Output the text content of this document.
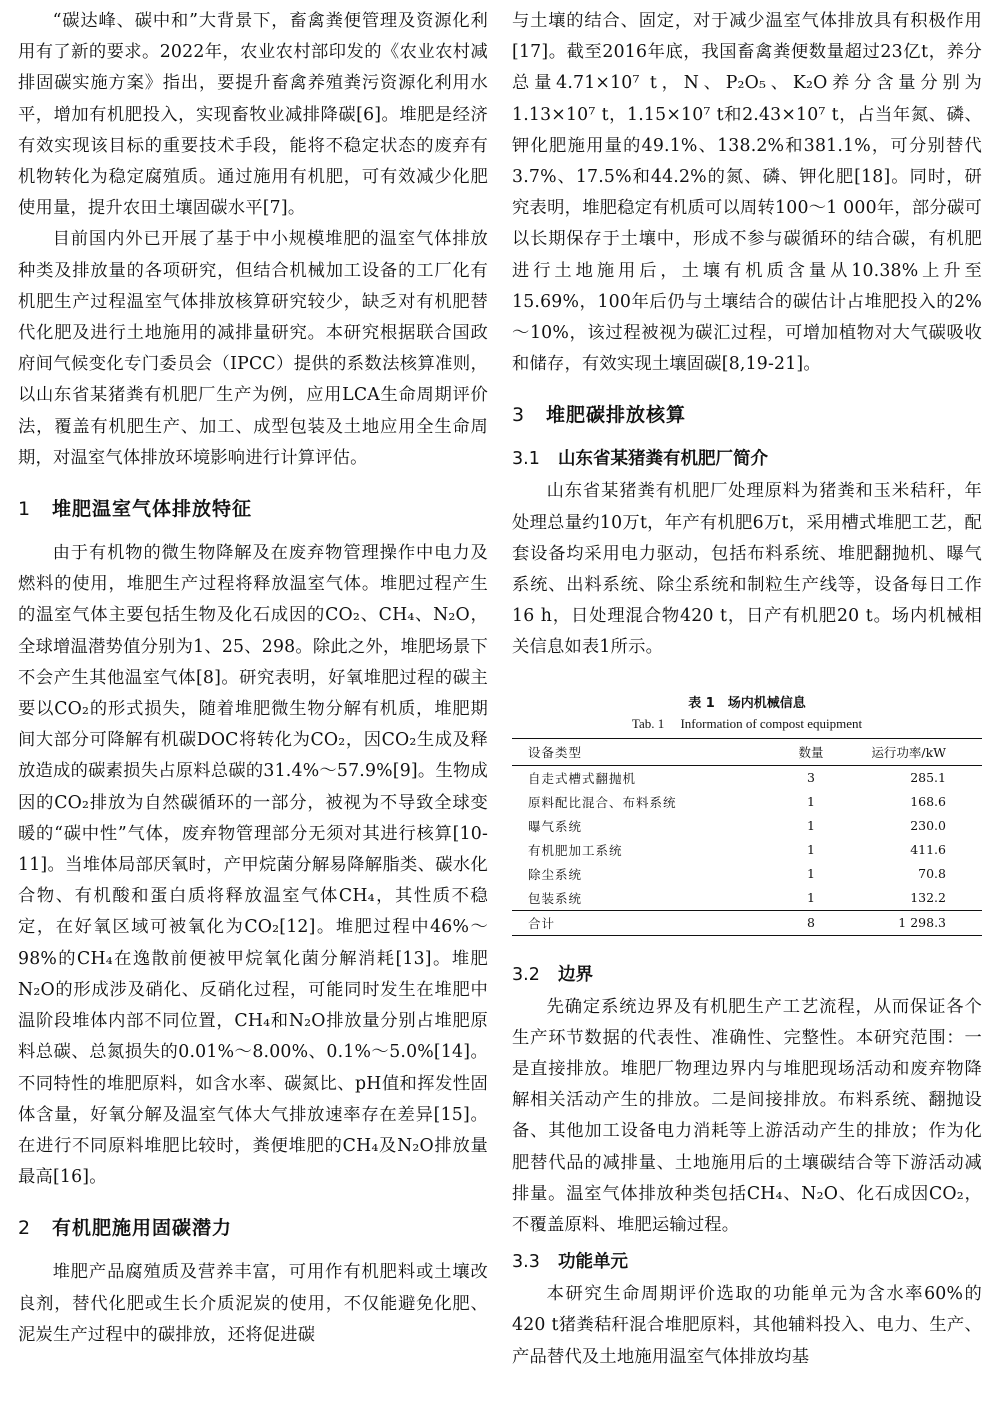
“碳达峰、碳中和”大背景下，畜禽粪便管理及资源化利用有了新的要求。2022年，农业农村部印发的《农业农村减排固碳实施方案》指出，要提升畜禽养殖粪污资源化利用水平，增加有机肥投入，实现畜牧业减排降碳[6]。堆肥是经济有效实现该目标的重要技术手段，能将不稳定状态的废弃有机物转化为稳定腐殖质。通过施用有机肥，可有效减少化肥使用量，提升农田土壤固碳水平[7]。

目前国内外已开展了基于中小规模堆肥的温室气体排放种类及排放量的各项研究，但结合机械加工设备的工厂化有机肥生产过程温室气体排放核算研究较少，缺乏对有机肥替代化肥及进行土地施用的减排量研究。本研究根据联合国政府间气候变化专门委员会（IPCC）提供的系数法核算准则，以山东省某猪粪有机肥厂生产为例，应用LCA生命周期评价法，覆盖有机肥生产、加工、成型包装及土地应用全生命周期，对温室气体排放环境影响进行计算评估。

1 堆肥温室气体排放特征

由于有机物的微生物降解及在废弃物管理操作中电力及燃料的使用，堆肥生产过程将释放温室气体。堆肥过程产生的温室气体主要包括生物及化石成因的CO₂、CH₄、N₂O，全球增温潜势值分别为1、25、298。除此之外，堆肥场景下不会产生其他温室气体[8]。研究表明，好氧堆肥过程的碳主要以CO₂的形式损失，随着堆肥微生物分解有机质，堆肥期间大部分可降解有机碳DOC将转化为CO₂，因CO₂生成及释放造成的碳素损失占原料总碳的31.4%～57.9%[9]。生物成因的CO₂排放为自然碳循环的一部分，被视为不导致全球变暖的“碳中性”气体，废弃物管理部分无须对其进行核算[10-11]。当堆体局部厌氧时，产甲烷菌分解易降解脂类、碳水化合物、有机酸和蛋白质将释放温室气体CH₄，其性质不稳定，在好氧区域可被氧化为CO₂[12]。堆肥过程中46%～98%的CH₄在逸散前便被甲烷氧化菌分解消耗[13]。堆肥N₂O的形成涉及硝化、反硝化过程，可能同时发生在堆肥中温阶段堆体内部不同位置，CH₄和N₂O排放量分别占堆肥原料总碳、总氮损失的0.01%～8.00%、0.1%～5.0%[14]。不同特性的堆肥原料，如含水率、碳氮比、pH值和挥发性固体含量，好氧分解及温室气体大气排放速率存在差异[15]。在进行不同原料堆肥比较时，粪便堆肥的CH₄及N₂O排放量最高[16]。

2 有机肥施用固碳潜力

堆肥产品腐殖质及营养丰富，可用作有机肥料或土壤改良剂，替代化肥或生长介质泥炭的使用，不仅能避免化肥、泥炭生产过程中的碳排放，还将促进碳

与土壤的结合、固定，对于减少温室气体排放具有积极作用[17]。截至2016年底，我国畜禽粪便数量超过23亿t，养分总量4.71×10⁷ t，N、P₂O₅、K₂O养分含量分别为1.13×10⁷ t，1.15×10⁷ t和2.43×10⁷ t，占当年氮、磷、钾化肥施用量的49.1%、138.2%和381.1%，可分别替代3.7%、17.5%和44.2%的氮、磷、钾化肥[18]。同时，研究表明，堆肥稳定有机质可以周转100～1 000年，部分碳可以长期保存于土壤中，形成不参与碳循环的结合碳，有机肥进行土地施用后，土壤有机质含量从10.38%上升至15.69%，100年后仍与土壤结合的碳估计占堆肥投入的2%～10%，该过程被视为碳汇过程，可增加植物对大气碳吸收和储存，有效实现土壤固碳[8,19-21]。

3 堆肥碳排放核算
3.1 山东省某猪粪有机肥厂简介

山东省某猪粪有机肥厂处理原料为猪粪和玉米秸秆，年处理总量约10万t，年产有机肥6万t，采用槽式堆肥工艺，配套设备均采用电力驱动，包括布料系统、堆肥翻抛机、曝气系统、出料系统、除尘系统和制粒生产线等，设备每日工作16 h，日处理混合物420 t，日产有机肥20 t。场内机械相关信息如表1所示。

表 1　场内机械信息
Tab. 1　 Information of compost equipment
设备类型	数量	运行功率/kW
自走式槽式翻抛机	3	285.1
原料配比混合、布料系统	1	168.6
曝气系统	1	230.0
有机肥加工系统	1	411.6
除尘系统	1	70.8
包装系统	1	132.2
合计	8	1 298.3
3.2 边界

先确定系统边界及有机肥生产工艺流程，从而保证各个生产环节数据的代表性、准确性、完整性。本研究范围：一是直接排放。堆肥厂物理边界内与堆肥现场活动和废弃物降解相关活动产生的排放。二是间接排放。布料系统、翻抛设备、其他加工设备电力消耗等上游活动产生的排放；作为化肥替代品的减排量、土地施用后的土壤碳结合等下游活动减排量。温室气体排放种类包括CH₄、N₂O、化石成因CO₂，不覆盖原料、堆肥运输过程。

3.3 功能单元

本研究生命周期评价选取的功能单元为含水率60%的420 t猪粪秸秆混合堆肥原料，其他辅料投入、电力、生产、产品替代及土地施用温室气体排放均基
